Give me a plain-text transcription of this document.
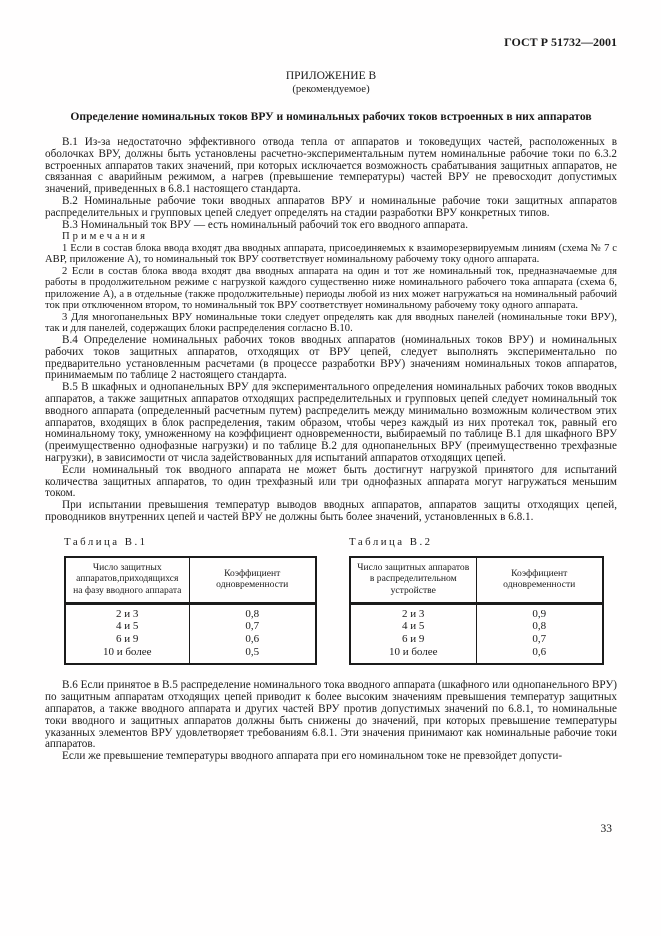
ГОСТ Р 51732—2001
ПРИЛОЖЕНИЕ В
(рекомендуемое)
Определение номинальных токов ВРУ и номинальных рабочих токов встроенных в них аппаратов

В.1 Из-за недостаточно эффективного отвода тепла от аппаратов и токоведущих частей, расположенных в оболочках ВРУ, должны быть установлены расчетно-экспериментальным путем номинальные рабочие токи по 6.3.2 встроенных аппаратов таких значений, при которых исключается возможность срабатывания защитных аппаратов, не связанная с аварийным режимом, а нагрев (превышение температуры) частей ВРУ не превосходит допустимых значений, приведенных в 6.8.1 настоящего стандарта.

В.2 Номинальные рабочие токи вводных аппаратов ВРУ и номинальные рабочие токи защитных аппаратов распределительных и групповых цепей следует определять на стадии разработки ВРУ конкретных типов.

В.3 Номинальный ток ВРУ — есть номинальный рабочий ток его вводного аппарата.

Примечания

1 Если в состав блока ввода входят два вводных аппарата, присоединяемых к взаиморезервируемым линиям (схема № 7 с АВР, приложение А), то номинальный ток ВРУ соответствует номинальному рабочему току одного аппарата.

2 Если в состав блока ввода входят два вводных аппарата на один и тот же номинальный ток, предназначаемые для работы в продолжительном режиме с нагрузкой каждого существенно ниже номинального рабочего тока аппарата (схема 6, приложение А), а в отдельные (также продолжительные) периоды любой из них может нагружаться на номинальный рабочий ток при отключенном втором, то номинальный ток ВРУ соответствует номинальному рабочему току одного аппарата.

3 Для многопанельных ВРУ номинальные токи следует определять как для вводных панелей (номинальные токи ВРУ), так и для панелей, содержащих блоки распределения согласно В.10.

В.4 Определение номинальных рабочих токов вводных аппаратов (номинальных токов ВРУ) и номинальных рабочих токов защитных аппаратов, отходящих от ВРУ цепей, следует выполнять экспериментально по предварительно установленным расчетами (в процессе разработки ВРУ) значениям номинальных токов аппаратов, принимаемым по таблице 2 настоящего стандарта.

В.5 В шкафных и однопанельных ВРУ для экспериментального определения номинальных рабочих токов вводных аппаратов, а также защитных аппаратов отходящих распределительных и групповых цепей следует номинальный ток вводного аппарата (определенный расчетным путем) распределить между минимально возможным количеством этих аппаратов, входящих в блок распределения, таким образом, чтобы через каждый из них протекал ток, равный его номинальному току, умноженному на коэффициент одновременности, выбираемый по таблице В.1 для шкафного ВРУ (преимущественно однофазные нагрузки) и по таблице В.2 для однопанельных ВРУ (преимущественно трехфазные нагрузки), в зависимости от числа задействованных для испытаний аппаратов отходящих цепей.

Если номинальный ток вводного аппарата не может быть достигнут нагрузкой принятого для испытаний количества защитных аппаратов, то один трехфазный или три однофазных аппарата могут нагружаться меньшим током.

При испытании превышения температур выводов вводных аппаратов, аппаратов защиты отходящих цепей, проводников внутренних цепей и частей ВРУ не должны быть более значений, установленных в 6.8.1.

Таблица В.1
Число защитных аппаратов,приходящихся на фазу вводного аппарата	Коэффициент одновременности
2 и 3	0,8
4 и 5	0,7
6 и 9	0,6
10 и более	0,5
Таблица В.2
Число защитных аппаратов в распределительном устройстве	Коэффициент одновременности
2 и 3	0,9
4 и 5	0,8
6 и 9	0,7
10 и более	0,6

В.6 Если принятое в В.5 распределение номинального тока вводного аппарата (шкафного или однопанельного ВРУ) по защитным аппаратам отходящих цепей приводит к более высоким значениям превышения температур защитных аппаратов, а также вводного аппарата и других частей ВРУ против допустимых значений по 6.8.1, то номинальные токи вводного и защитных аппаратов должны быть снижены до значений, при которых превышение температуры указанных элементов ВРУ удовлетворяет требованиям 6.8.1. Эти значения принимают как номинальные рабочие токи аппаратов.

Если же превышение температуры вводного аппарата при его номинальном токе не превзойдет допусти-

33
